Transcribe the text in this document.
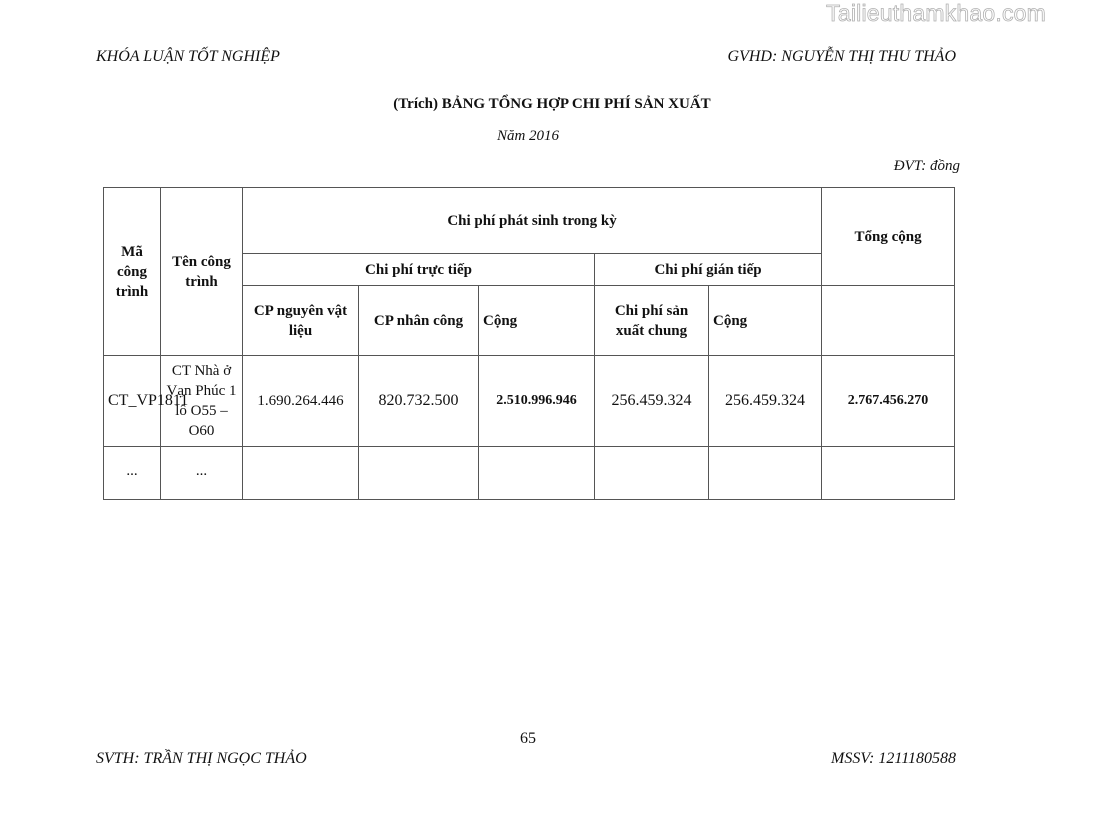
Tailieuthamkhao.com
KHÓA LUẬN TỐT NGHIỆP	GVHD: NGUYỄN THỊ THU THẢO
(Trích) BẢNG TỔNG HỢP CHI PHÍ SẢN XUẤT
Năm 2016
ĐVT: đồng
Mã công trình	Tên công trình	Chi phí phát sinh trong kỳ					Tổng cộng
		Chi phí trực tiếp			Chi phí gián tiếp		
		CP nguyên vật liệu	CP nhân công	Cộng	Chi phí sản xuất chung	Cộng	
CT_VP1811	CT Nhà ở Vạn Phúc 1 lô O55 – O60	1.690.264.446	820.732.500	2.510.996.946	256.459.324	256.459.324	2.767.456.270
...	...						
65
SVTH: TRẦN THỊ NGỌC THẢO	MSSV: 1211180588
